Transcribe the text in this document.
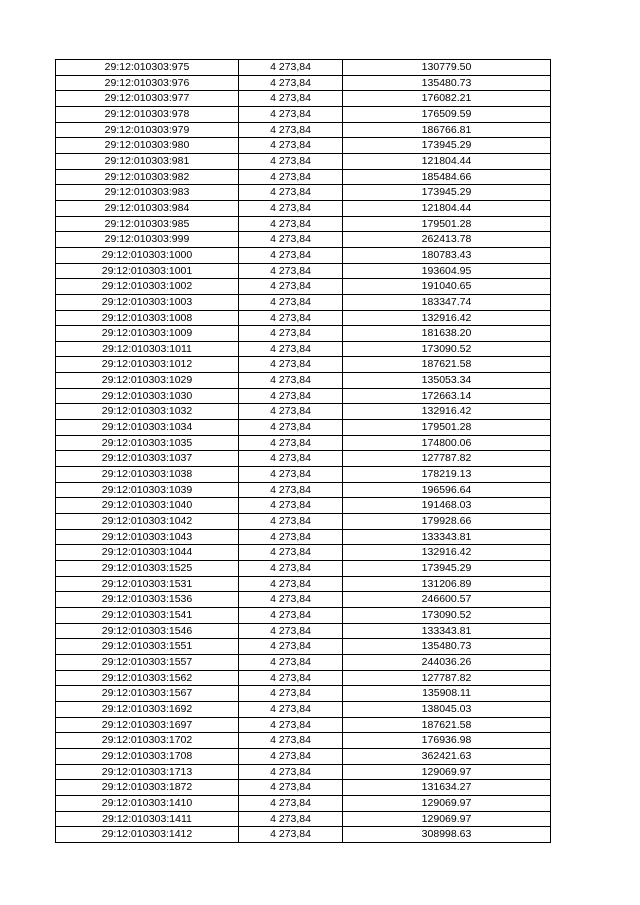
29:12:010303:975	4 273,84	130779.50
29:12:010303:976	4 273,84	135480.73
29:12:010303:977	4 273,84	176082.21
29:12:010303:978	4 273,84	176509.59
29:12:010303:979	4 273,84	186766.81
29:12:010303:980	4 273,84	173945.29
29:12:010303:981	4 273,84	121804.44
29:12:010303:982	4 273,84	185484.66
29:12:010303:983	4 273,84	173945.29
29:12:010303:984	4 273,84	121804.44
29:12:010303:985	4 273,84	179501.28
29:12:010303:999	4 273,84	262413.78
29:12:010303:1000	4 273,84	180783.43
29:12:010303:1001	4 273,84	193604.95
29:12:010303:1002	4 273,84	191040.65
29:12:010303:1003	4 273,84	183347.74
29:12:010303:1008	4 273,84	132916.42
29:12:010303:1009	4 273,84	181638.20
29:12:010303:1011	4 273,84	173090.52
29:12:010303:1012	4 273,84	187621.58
29:12:010303:1029	4 273,84	135053.34
29:12:010303:1030	4 273,84	172663.14
29:12:010303:1032	4 273,84	132916.42
29:12:010303:1034	4 273,84	179501.28
29:12:010303:1035	4 273,84	174800.06
29:12:010303:1037	4 273,84	127787.82
29:12:010303:1038	4 273,84	178219.13
29:12:010303:1039	4 273,84	196596.64
29:12:010303:1040	4 273,84	191468.03
29:12:010303:1042	4 273,84	179928.66
29:12:010303:1043	4 273,84	133343.81
29:12:010303:1044	4 273,84	132916.42
29:12:010303:1525	4 273,84	173945.29
29:12:010303:1531	4 273,84	131206.89
29:12:010303:1536	4 273,84	246600.57
29:12:010303:1541	4 273,84	173090.52
29:12:010303:1546	4 273,84	133343.81
29:12:010303:1551	4 273,84	135480.73
29:12:010303:1557	4 273,84	244036.26
29:12:010303:1562	4 273,84	127787.82
29:12:010303:1567	4 273,84	135908.11
29:12:010303:1692	4 273,84	138045.03
29:12:010303:1697	4 273,84	187621.58
29:12:010303:1702	4 273,84	176936.98
29:12:010303:1708	4 273,84	362421.63
29:12:010303:1713	4 273,84	129069.97
29:12:010303:1872	4 273,84	131634.27
29:12:010303:1410	4 273,84	129069.97
29:12:010303:1411	4 273,84	129069.97
29:12:010303:1412	4 273,84	308998.63
